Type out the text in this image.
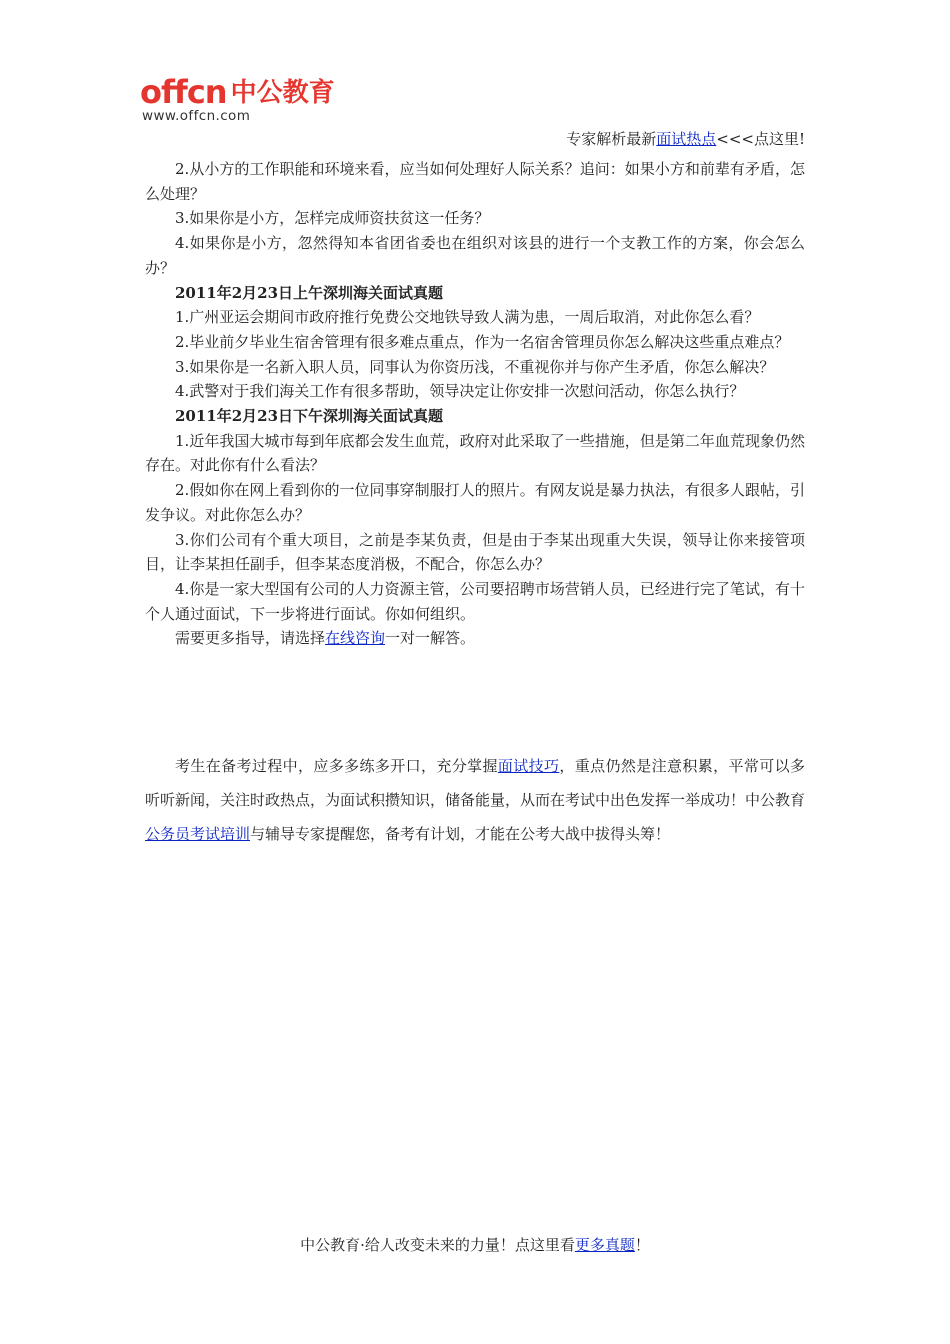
offcn 中公教育
www.offcn.com
专家解析最新面试热点<<<点这里!

2.从小方的工作职能和环境来看，应当如何处理好人际关系？追问：如果小方和前辈有矛盾，怎么处理？

3.如果你是小方，怎样完成师资扶贫这一任务？

4.如果你是小方，忽然得知本省团省委也在组织对该县的进行一个支教工作的方案，你会怎么办？

2011年2月23日上午深圳海关面试真题

1.广州亚运会期间市政府推行免费公交地铁导致人满为患，一周后取消，对此你怎么看？

2.毕业前夕毕业生宿舍管理有很多难点重点，作为一名宿舍管理员你怎么解决这些重点难点？

3.如果你是一名新入职人员，同事认为你资历浅，不重视你并与你产生矛盾，你怎么解决？

4.武警对于我们海关工作有很多帮助，领导决定让你安排一次慰问活动，你怎么执行？

2011年2月23日下午深圳海关面试真题

1.近年我国大城市每到年底都会发生血荒，政府对此采取了一些措施，但是第二年血荒现象仍然存在。对此你有什么看法？

2.假如你在网上看到你的一位同事穿制服打人的照片。有网友说是暴力执法，有很多人跟帖，引发争议。对此你怎么办？

3.你们公司有个重大项目，之前是李某负责，但是由于李某出现重大失误，领导让你来接管项目，让李某担任副手，但李某态度消极，不配合，你怎么办？

4.你是一家大型国有公司的人力资源主管，公司要招聘市场营销人员，已经进行完了笔试，有十个人通过面试，下一步将进行面试。你如何组织。

需要更多指导，请选择在线咨询一对一解答。

考生在备考过程中，应多多练多开口，充分掌握面试技巧，重点仍然是注意积累，平常可以多听听新闻，关注时政热点，为面试积攒知识，储备能量，从而在考试中出色发挥一举成功！中公教育公务员考试培训与辅导专家提醒您，备考有计划，才能在公考大战中拔得头筹！

中公教育·给人改变未来的力量！点这里看更多真题！
